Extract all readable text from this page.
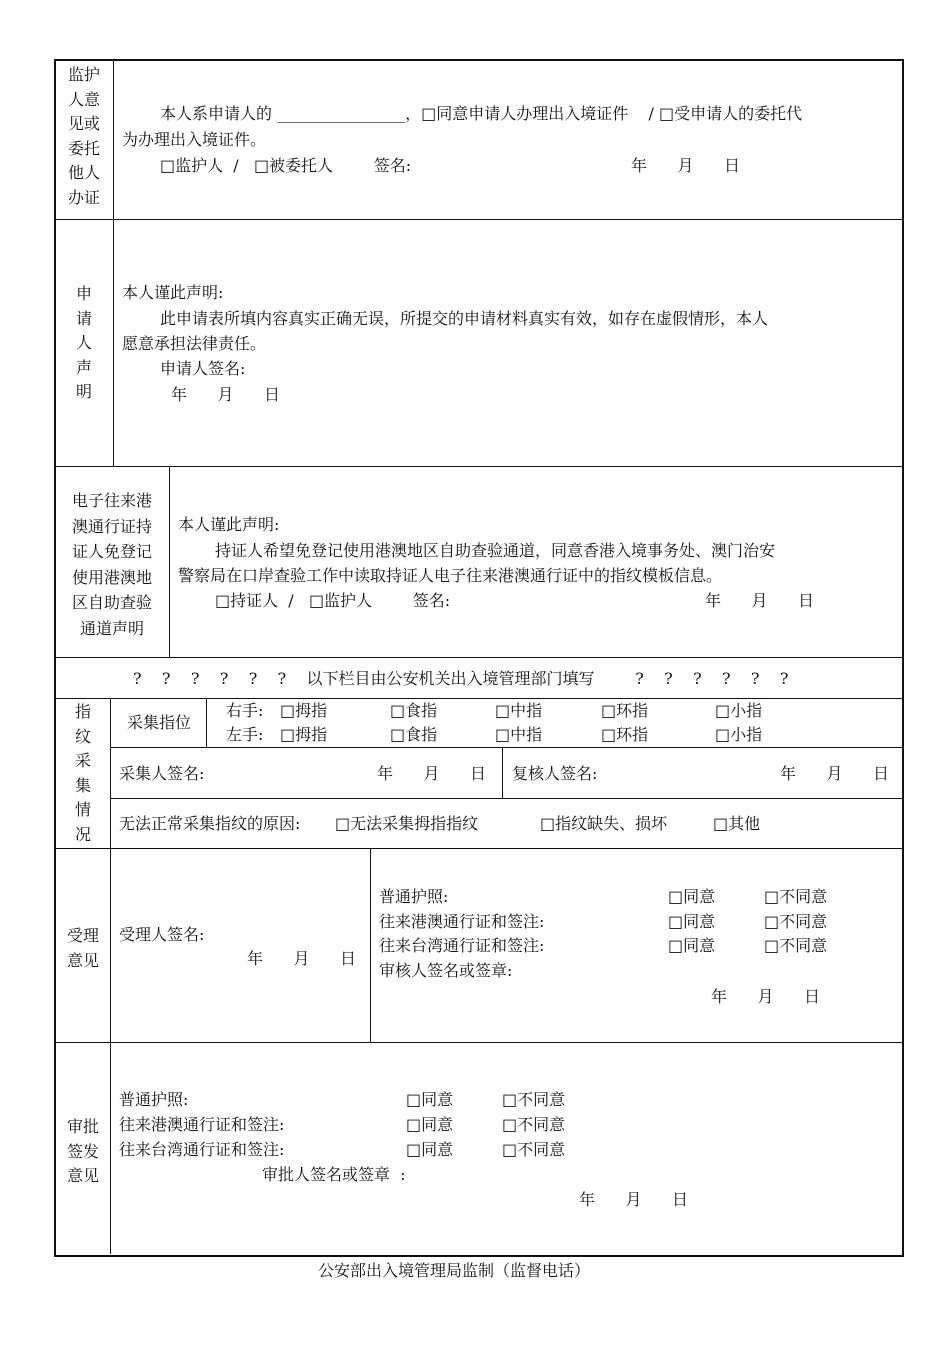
监护
人意
见或
委托
他人
办证
本人系申请人的 ________________，□同意申请人办理出入境证件    / □受申请人的委托代
为办理出入境证件。
□监护人  /   □被委托人        签名:	年      月      日
申
请
人
声
明
本人谨此声明:
此申请表所填内容真实正确无误，所提交的申请材料真实有效，如存在虚假情形，本人
愿意承担法律责任。
申请人签名:
年      月      日
电子往来港
澳通行证持
证人免登记
使用港澳地
区自助查验
通道声明
本人谨此声明:
持证人希望免登记使用港澳地区自助查验通道，同意香港入境事务处、澳门治安
警察局在口岸查验工作中读取持证人电子往来港澳通行证中的指纹模板信息。
□持证人  /   □监护人        签名:	年      月      日
?    ?    ?    ?    ?    ?    以下栏目由公安机关出入境管理部门填写        ?    ?    ?    ?    ?    ?
指
纹
采
集
情
况
采集指位
右手: □拇指	□食指	□中指	□环指	□小指
左手: □拇指	□食指	□中指	□环指	□小指
采集人签名:	年      月      日 复核人签名:	年      月      日
无法正常采集指纹的原因: □无法采集拇指指纹	□指纹缺失、损坏	□其他
受理
意见
受理人签名:
年      月      日
普通护照:	□同意	□不同意
往来港澳通行证和签注:	□同意	□不同意
往来台湾通行证和签注:	□同意	□不同意
审核人签名或签章:
年      月      日
审批
签发
意见
普通护照:	□同意	□不同意
往来港澳通行证和签注:	□同意	□不同意
往来台湾通行证和签注:	□同意	□不同意
审批人签名或签章  :
年      月      日
公安部出入境管理局监制（监督电话）
